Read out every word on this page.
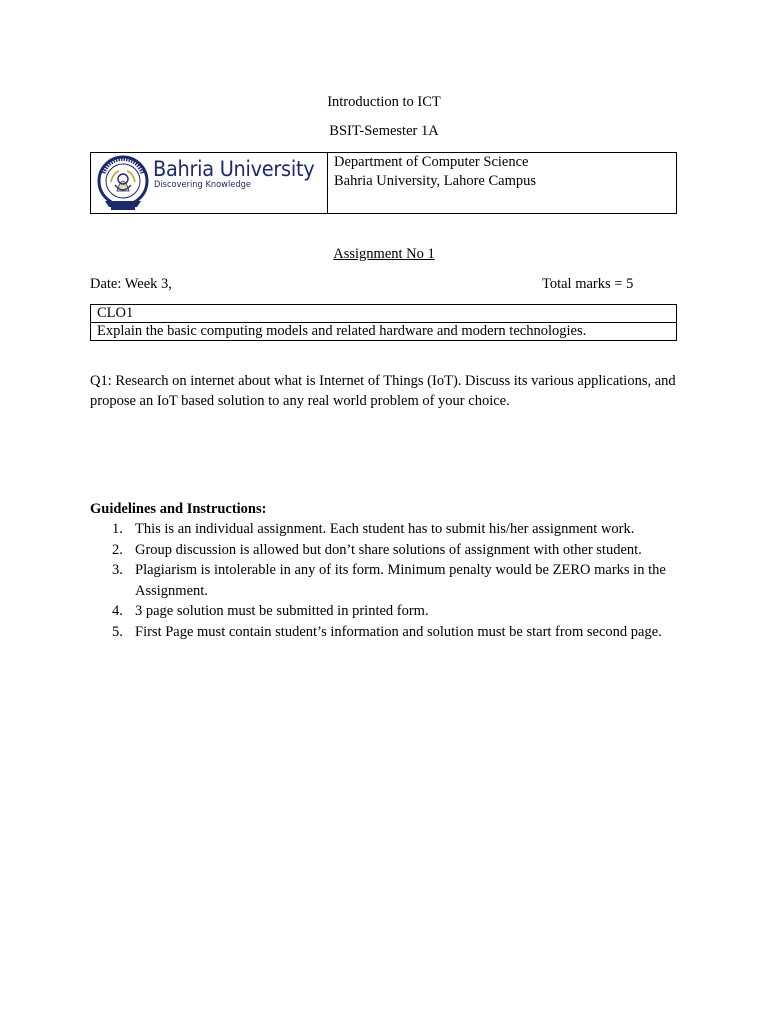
Introduction to ICT
BSIT-Semester 1A
Bahria University
Discovering Knowledge
Department of Computer Science
Bahria University, Lahore Campus
Assignment No 1
Date: Week 3,	Total marks = 5
CLO1
Explain the basic computing models and related hardware and modern technologies.
Q1: Research on internet about what is Internet of Things (IoT). Discuss its various applications, and propose an IoT based solution to any real world problem of your choice.
Guidelines and Instructions:
1. This is an individual assignment. Each student has to submit his/her assignment work.
2. Group discussion is allowed but don’t share solutions of assignment with other student.
3. Plagiarism is intolerable in any of its form. Minimum penalty would be ZERO marks in the Assignment.
4. 3 page solution must be submitted in printed form.
5. First Page must contain student’s information and solution must be start from second page.
